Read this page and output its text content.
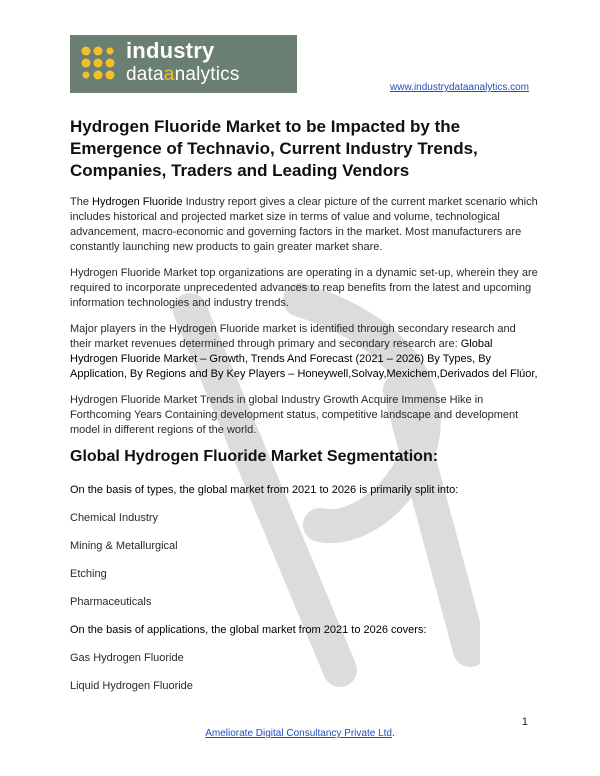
industry
dataanalytics
www.industrydataanalytics.com
Hydrogen Fluoride Market to be Impacted by the Emergence of Technavio, Current Industry Trends, Companies, Traders and Leading Vendors

The Hydrogen Fluoride Industry report gives a clear picture of the current market scenario which includes historical and projected market size in terms of value and volume, technological advancement, macro-economic and governing factors in the market. Most manufacturers are constantly launching new products to gain greater market share.

Hydrogen Fluoride Market top organizations are operating in a dynamic set-up, wherein they are required to incorporate unprecedented advances to reap benefits from the latest and upcoming information technologies and industry trends.

Major players in the Hydrogen Fluoride market is identified through secondary research and their market revenues determined through primary and secondary research are: Global Hydrogen Fluoride Market – Growth, Trends And Forecast (2021 – 2026) By Types, By Application, By Regions and By Key Players – Honeywell,Solvay,Mexichem,Derivados del Flúor,

Hydrogen Fluoride Market Trends in global Industry Growth Acquire Immense Hike in Forthcoming Years Containing development status, competitive landscape and development model in different regions of the world.

Global Hydrogen Fluoride Market Segmentation:

On the basis of types, the global market from 2021 to 2026 is primarily split into:

Chemical Industry

Mining & Metallurgical

Etching

Pharmaceuticals

On the basis of applications, the global market from 2021 to 2026 covers:

Gas Hydrogen Fluoride

Liquid Hydrogen Fluoride

1
Ameliorate Digital Consultancy Private Ltd.
